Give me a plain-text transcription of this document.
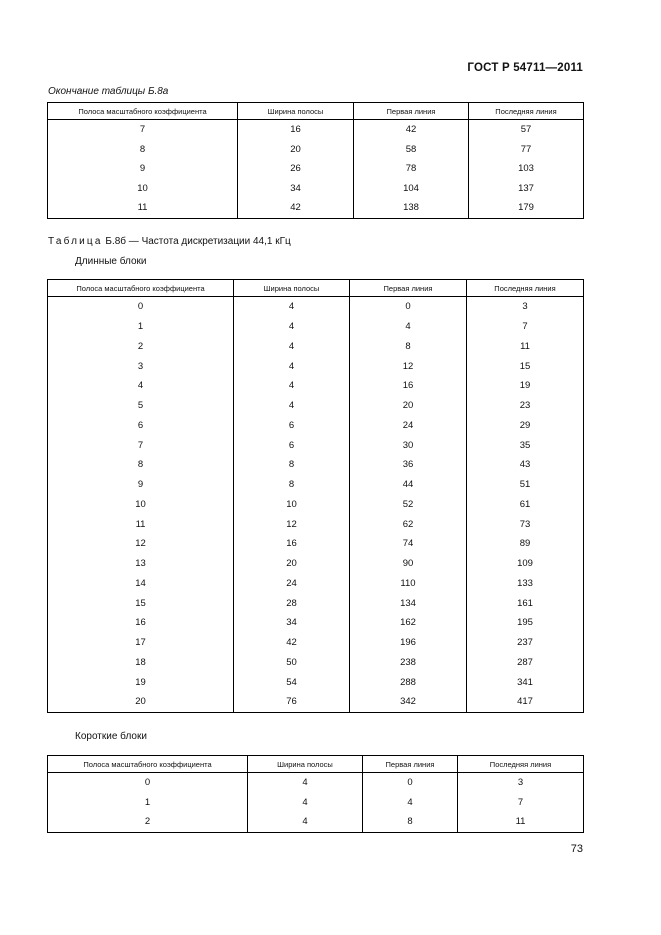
ГОСТ Р 54711—2011
Окончание таблицы Б.8а
Полоса масштабного коэффициента	Ширина полосы	Первая линия	Последняя линия
7	16	42	57
8	20	58	77
9	26	78	103
10	34	104	137
11	42	138	179
Таблица Б.8б — Частота дискретизации 44,1 кГц
Длинные блоки
Полоса масштабного коэффициента	Ширина полосы	Первая линия	Последняя линия
0	4	0	3
1	4	4	7
2	4	8	11
3	4	12	15
4	4	16	19
5	4	20	23
6	6	24	29
7	6	30	35
8	8	36	43
9	8	44	51
10	10	52	61
11	12	62	73
12	16	74	89
13	20	90	109
14	24	110	133
15	28	134	161
16	34	162	195
17	42	196	237
18	50	238	287
19	54	288	341
20	76	342	417
Короткие блоки
Полоса масштабного коэффициента	Ширина полосы	Первая линия	Последняя линия
0	4	0	3
1	4	4	7
2	4	8	11
73
